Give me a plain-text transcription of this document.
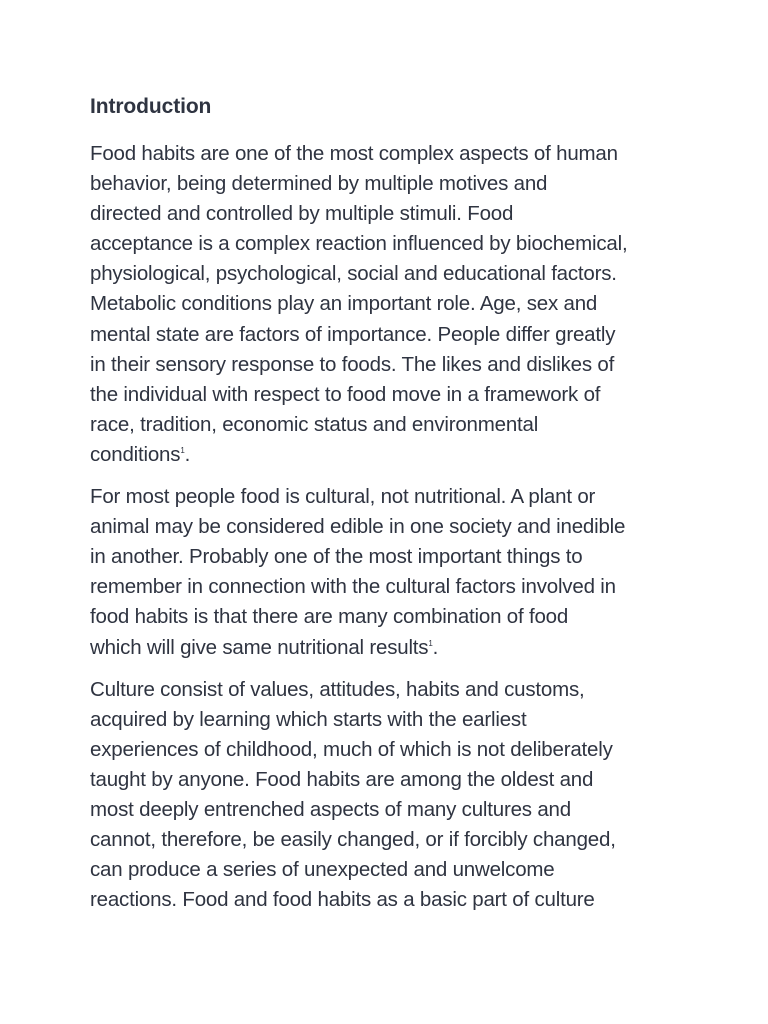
Introduction
Food habits are one of the most complex aspects of human
behavior, being determined by multiple motives and
directed and controlled by multiple stimuli. Food
acceptance is a complex reaction influenced by biochemical,
physiological, psychological, social and educational factors.
Metabolic conditions play an important role. Age, sex and
mental state are factors of importance. People differ greatly
in their sensory response to foods. The likes and dislikes of
the individual with respect to food move in a framework of
race, tradition, economic status and environmental
conditions$^1$.
For most people food is cultural, not nutritional. A plant or
animal may be considered edible in one society and inedible
in another. Probably one of the most important things to
remember in connection with the cultural factors involved in
food habits is that there are many combination of food
which will give same nutritional results$^1$.
Culture consist of values, attitudes, habits and customs,
acquired by learning which starts with the earliest
experiences of childhood, much of which is not deliberately
taught by anyone. Food habits are among the oldest and
most deeply entrenched aspects of many cultures and
cannot, therefore, be easily changed, or if forcibly changed,
can produce a series of unexpected and unwelcome
reactions. Food and food habits as a basic part of culture
